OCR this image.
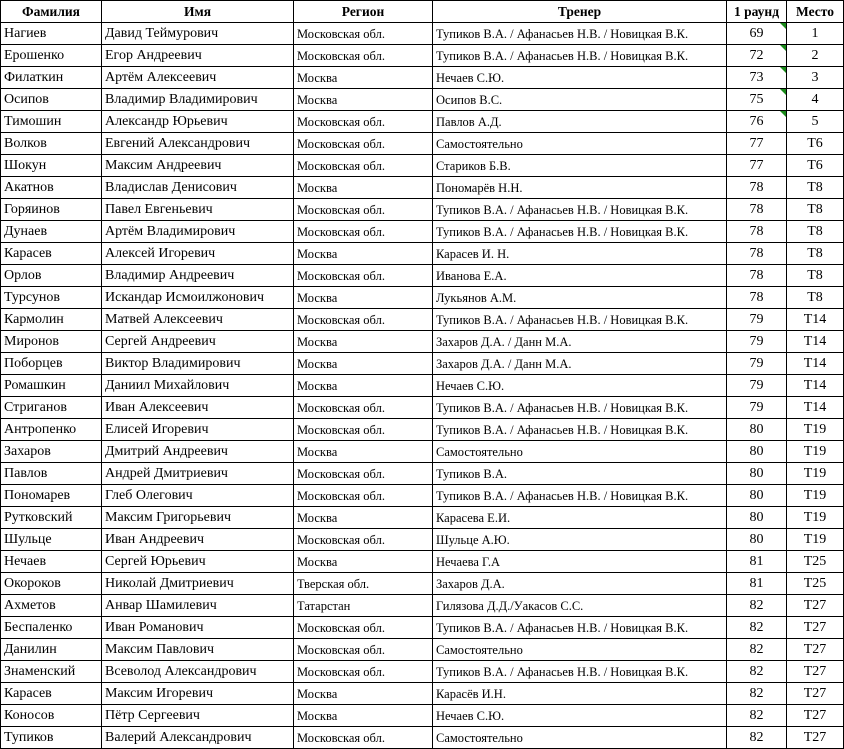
Фамилия	Имя	Регион	Тренер	1 раунд	Место
Нагиев	Давид Теймурович	Московская обл.	Тупиков В.А. / Афанасьев Н.В. / Новицкая В.К.	69	1
Ерошенко	Егор Андреевич	Московская обл.	Тупиков В.А. / Афанасьев Н.В. / Новицкая В.К.	72	2
Филаткин	Артём Алексеевич	Москва	Нечаев С.Ю.	73	3
Осипов	Владимир Владимирович	Москва	Осипов В.С.	75	4
Тимошин	Александр Юрьевич	Московская обл.	Павлов А.Д.	76	5
Волков	Евгений Александрович	Московская обл.	Самостоятельно	77	T6
Шокун	Максим Андреевич	Московская обл.	Стариков Б.В.	77	T6
Акатнов	Владислав Денисович	Москва	Пономарёв Н.Н.	78	T8
Горяинов	Павел Евгеньевич	Московская обл.	Тупиков В.А. / Афанасьев Н.В. / Новицкая В.К.	78	T8
Дунаев	Артём Владимирович	Московская обл.	Тупиков В.А. / Афанасьев Н.В. / Новицкая В.К.	78	T8
Карасев	Алексей Игоревич	Москва	Карасев И. Н.	78	T8
Орлов	Владимир Андреевич	Московская обл.	Иванова Е.А.	78	T8
Турсунов	Искандар Исмоилжонович	Москва	Лукьянов А.М.	78	T8
Кармолин	Матвей Алексеевич	Московская обл.	Тупиков В.А. / Афанасьев Н.В. / Новицкая В.К.	79	T14
Миронов	Сергей Андреевич	Москва	Захаров Д.А. / Данн М.А.	79	T14
Поборцев	Виктор Владимирович	Москва	Захаров Д.А. / Данн М.А.	79	T14
Ромашкин	Даниил Михайлович	Москва	Нечаев С.Ю.	79	T14
Стриганов	Иван Алексеевич	Московская обл.	Тупиков В.А. / Афанасьев Н.В. / Новицкая В.К.	79	T14
Антропенко	Елисей Игоревич	Московская обл.	Тупиков В.А. / Афанасьев Н.В. / Новицкая В.К.	80	T19
Захаров	Дмитрий Андреевич	Москва	Самостоятельно	80	T19
Павлов	Андрей Дмитриевич	Московская обл.	Тупиков В.А.	80	T19
Пономарев	Глеб Олегович	Московская обл.	Тупиков В.А. / Афанасьев Н.В. / Новицкая В.К.	80	T19
Рутковский	Максим Григорьевич	Москва	Карасева Е.И.	80	T19
Шульце	Иван Андреевич	Московская обл.	Шульце А.Ю.	80	T19
Нечаев	Сергей Юрьевич	Москва	Нечаева Г.А	81	T25
Окороков	Николай Дмитриевич	Тверская обл.	Захаров Д.А.	81	T25
Ахметов	Анвар Шамилевич	Татарстан	Гилязова Д.Д./Уакасов С.С.	82	T27
Беспаленко	Иван Романович	Московская обл.	Тупиков В.А. / Афанасьев Н.В. / Новицкая В.К.	82	T27
Данилин	Максим Павлович	Московская обл.	Самостоятельно	82	T27
Знаменский	Всеволод Александрович	Московская обл.	Тупиков В.А. / Афанасьев Н.В. / Новицкая В.К.	82	T27
Карасев	Максим Игоревич	Москва	Карасёв И.Н.	82	T27
Коносов	Пётр Сергеевич	Москва	Нечаев С.Ю.	82	T27
Тупиков	Валерий Александрович	Московская обл.	Самостоятельно	82	T27
